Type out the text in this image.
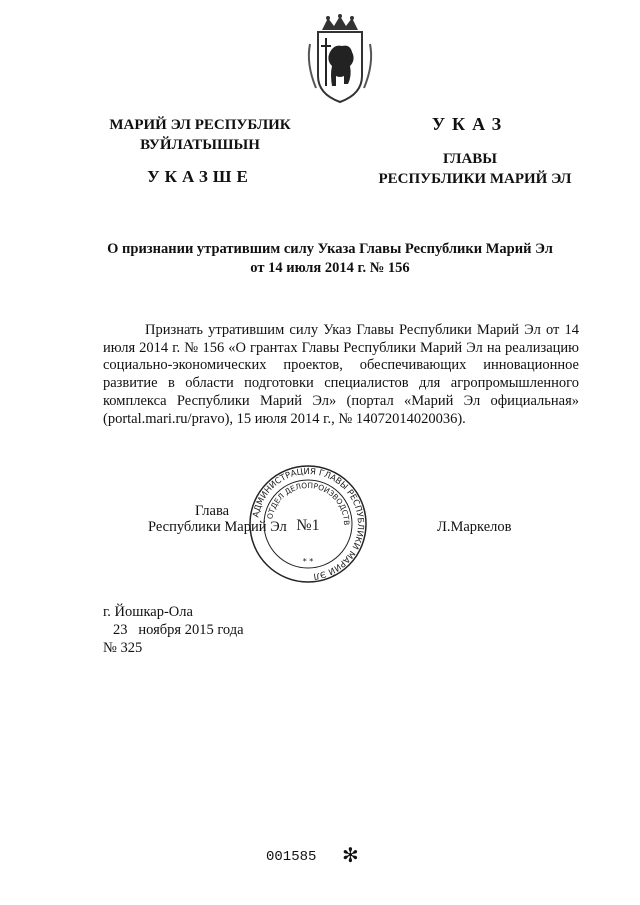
МАРИЙ ЭЛ РЕСПУБЛИК
ВУЙЛАТЫШЫН
УКАЗШЕ
УКАЗ
ГЛАВЫ
РЕСПУБЛИКИ МАРИЙ ЭЛ
О признании утратившим силу Указа Главы Республики Марий Эл
от 14 июля 2014 г. № 156

Признать утратившим силу Указ Главы Республики Марий Эл от 14 июля 2014 г. № 156 «О грантах Главы Республики Марий Эл на реализацию социально-экономических проектов, обеспечивающих инновационное развитие в области подготовки специалистов для агропромышленного комплекса Республики Марий Эл» (портал «Марий Эл официальная» (portal.mari.ru/pravo), 15 июля 2014 г., № 14072014020036).

Глава
Республики Марий Эл	Л.Маркелов
АДМИНИСТРАЦИЯ ГЛАВЫ РЕСПУБЛИКИ МАРИЙ ЭЛ
ОТДЕЛ ДЕЛОПРОИЗВОДСТВ
№1
* *
г. Йошкар-Ола
23   ноября 2015 года
№ 325
001585 ✻
